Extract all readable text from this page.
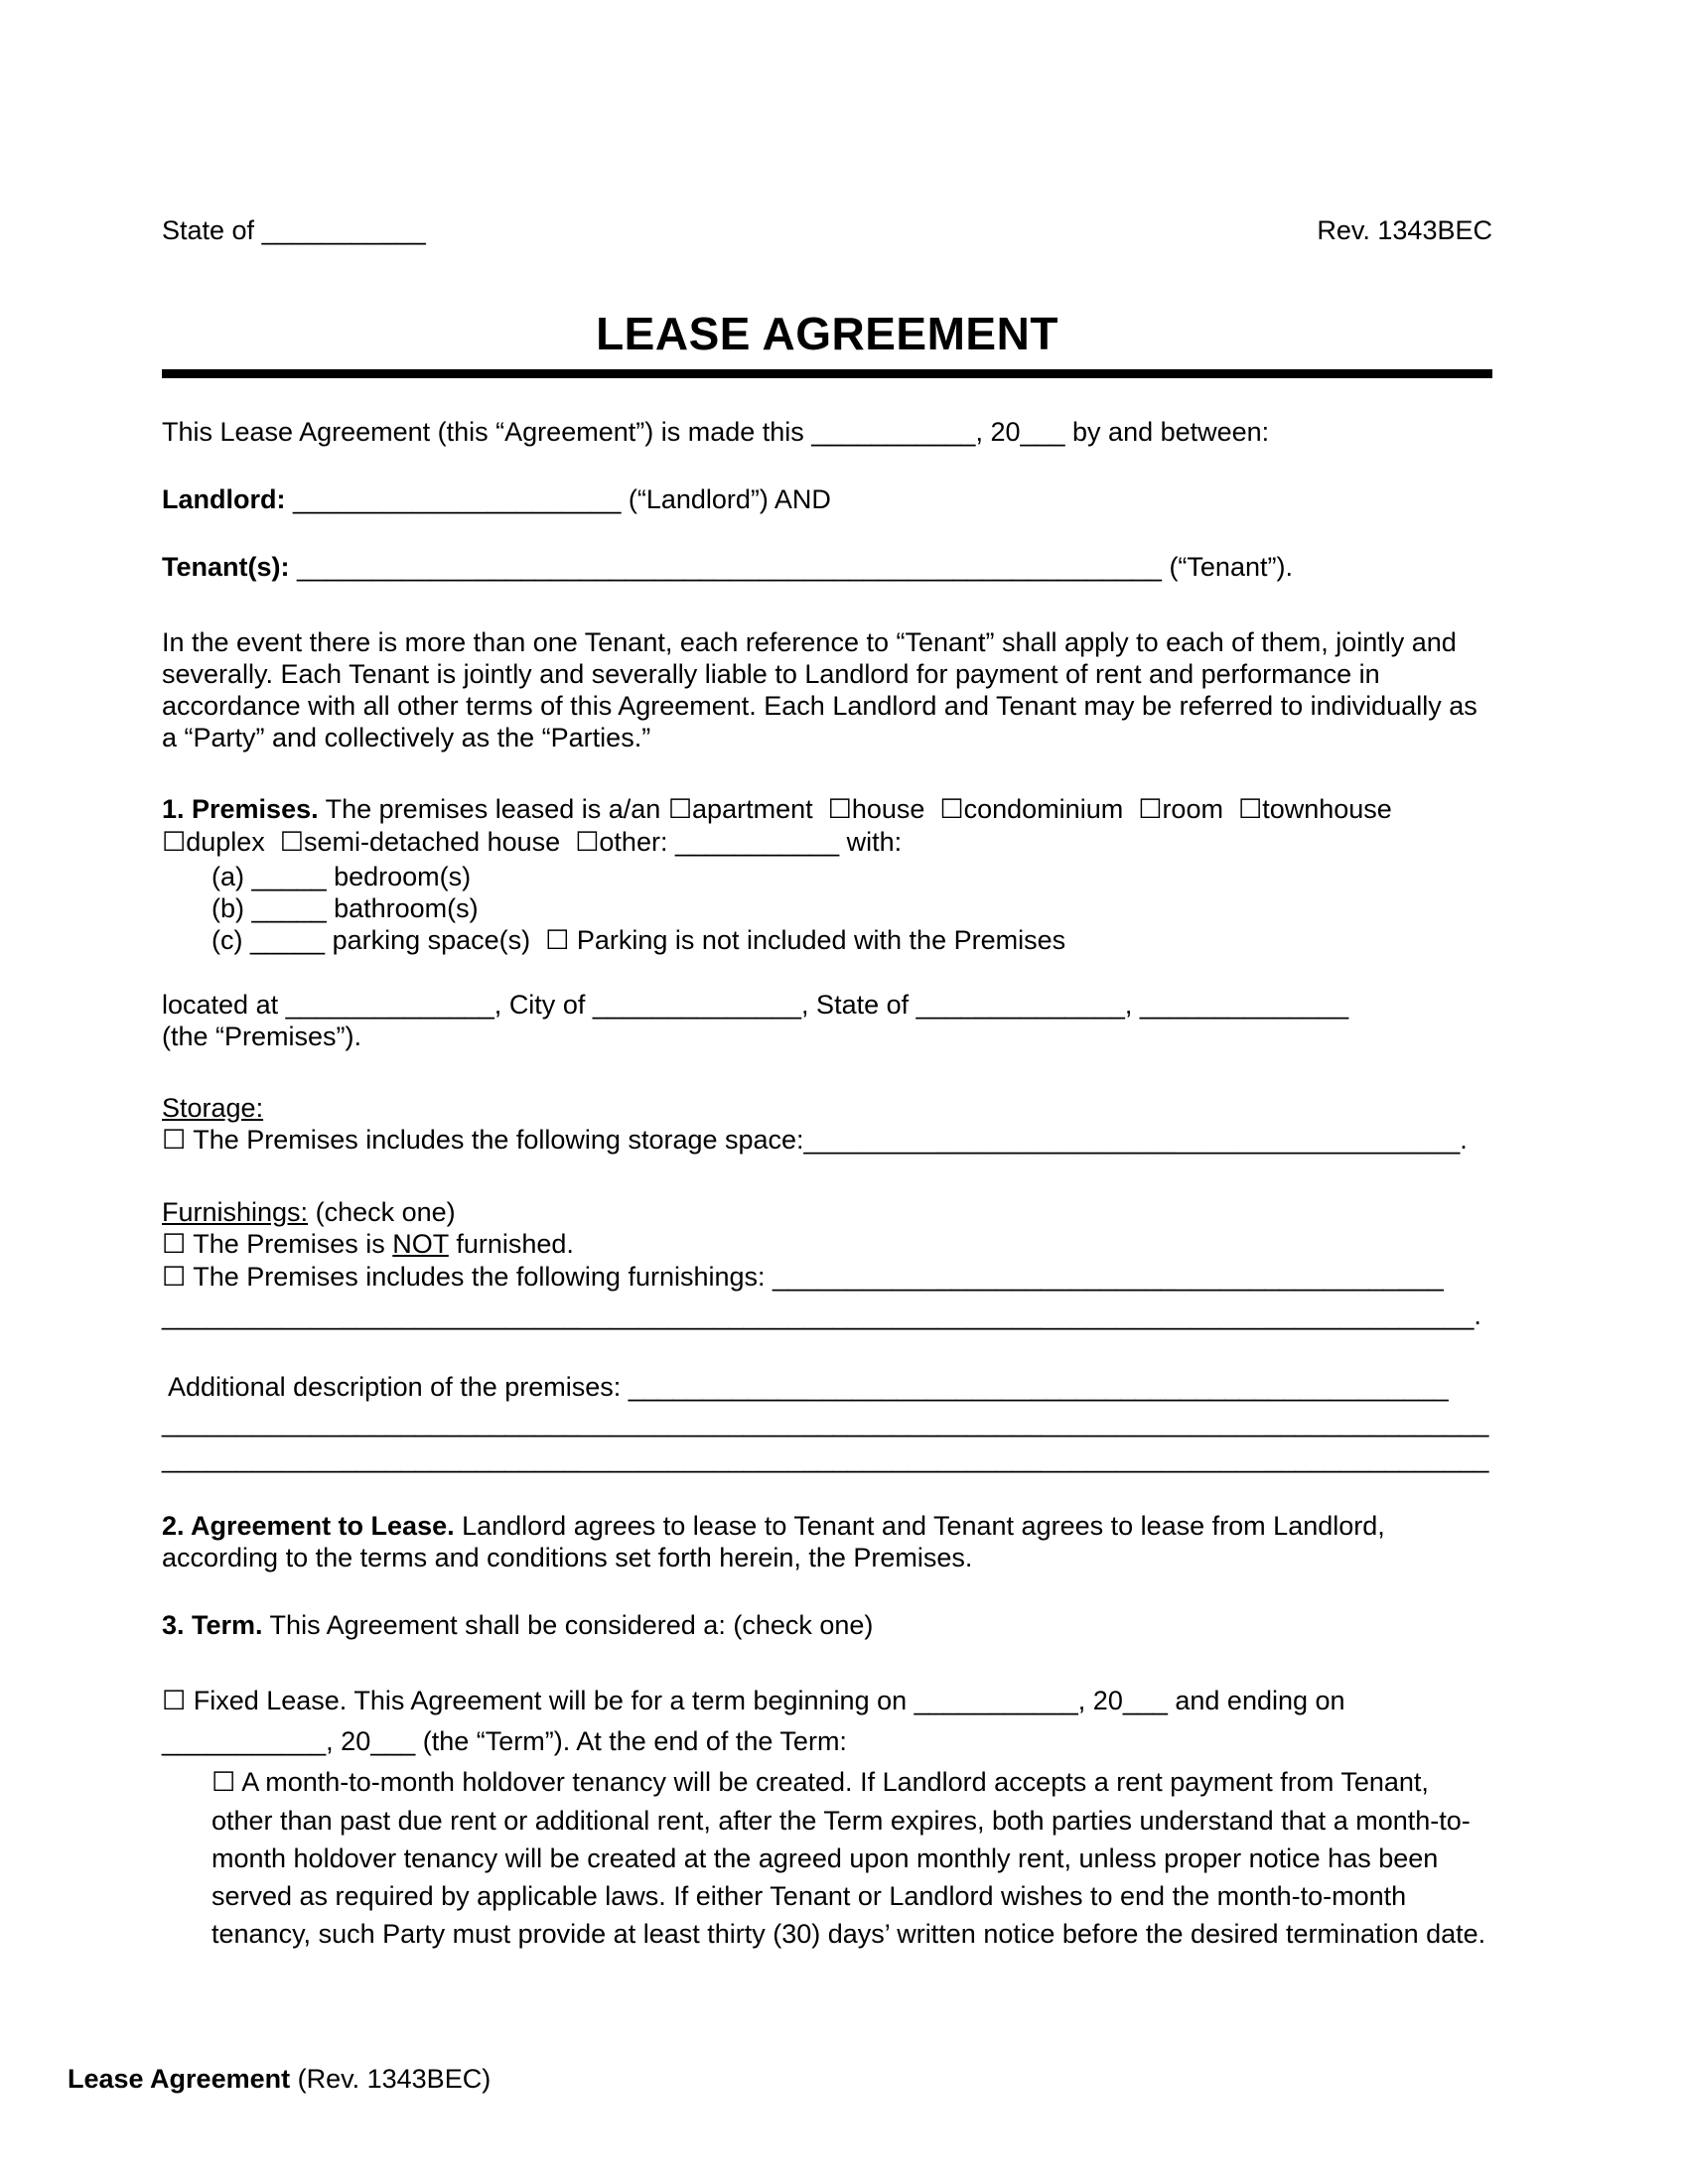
State of ___________	Rev. 1343BEC
LEASE AGREEMENT
This Lease Agreement (this “Agreement”) is made this ___________, 20___ by and between:
Landlord: ______________________ (“Landlord”) AND
Tenant(s): __________________________________________________________ (“Tenant”).
In the event there is more than one Tenant, each reference to “Tenant” shall apply to each of them, jointly and severally. Each Tenant is jointly and severally liable to Landlord for payment of rent and performance in accordance with all other terms of this Agreement. Each Landlord and Tenant may be referred to individually as a “Party” and collectively as the “Parties.”
1. Premises. The premises leased is a/an ☐apartment  ☐house  ☐condominium  ☐room  ☐townhouse
☐duplex  ☐semi-detached house  ☐other: ___________ with:
(a) _____ bedroom(s)
(b) _____ bathroom(s)
(c) _____ parking space(s)  ☐ Parking is not included with the Premises
located at ______________, City of ______________, State of ______________, ______________
(the “Premises”).
Storage:
☐ The Premises includes the following storage space:____________________________________________.
Furnishings: (check one)
☐ The Premises is NOT furnished.
☐ The Premises includes the following furnishings: _____________________________________________
________________________________________________________________________________________.
Additional description of the premises: _______________________________________________________
_________________________________________________________________________________________
_________________________________________________________________________________________
2. Agreement to Lease. Landlord agrees to lease to Tenant and Tenant agrees to lease from Landlord, according to the terms and conditions set forth herein, the Premises.
3. Term. This Agreement shall be considered a: (check one)
☐ Fixed Lease. This Agreement will be for a term beginning on ___________, 20___ and ending on
___________, 20___ (the “Term”). At the end of the Term:
☐ A month-to-month holdover tenancy will be created. If Landlord accepts a rent payment from Tenant, other than past due rent or additional rent, after the Term expires, both parties understand that a month-to-month holdover tenancy will be created at the agreed upon monthly rent, unless proper notice has been served as required by applicable laws. If either Tenant or Landlord wishes to end the month-to-month tenancy, such Party must provide at least thirty (30) days’ written notice before the desired termination date.
Lease Agreement (Rev. 1343BEC)
